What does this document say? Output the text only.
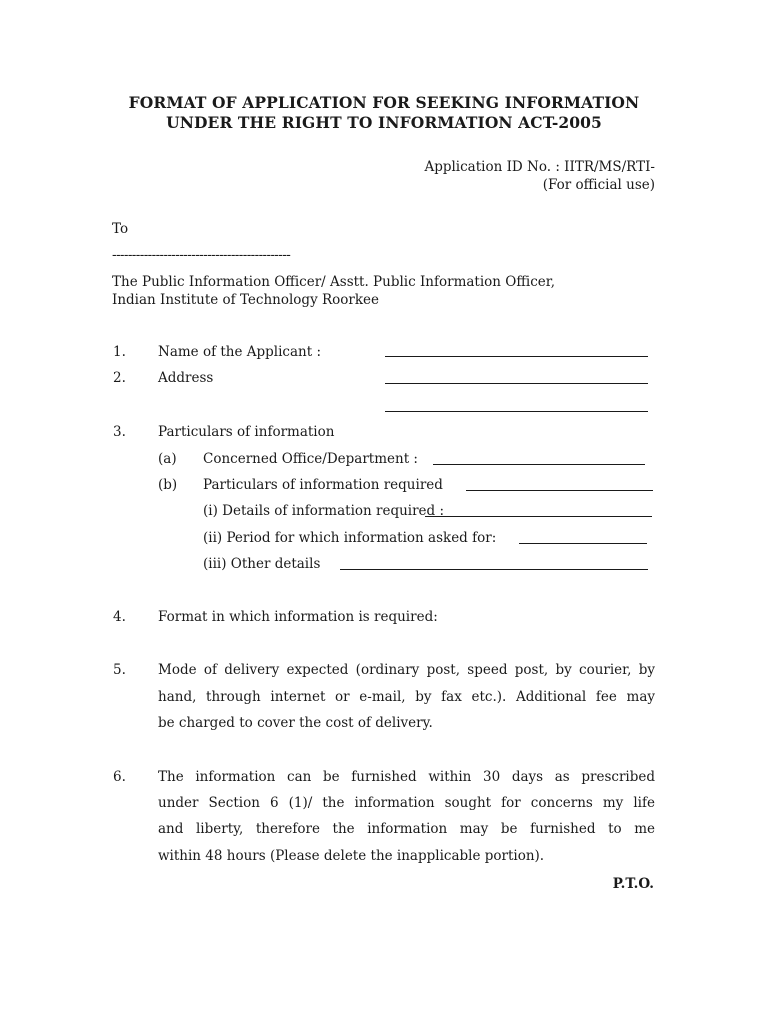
FORMAT OF APPLICATION FOR SEEKING INFORMATION
UNDER THE RIGHT TO INFORMATION ACT-2005
Application ID No. : IITR/MS/RTI-
(For official use)
To
---------------------------------------------
The Public Information Officer/ Asstt. Public Information Officer,
Indian Institute of Technology Roorkee
1. Name of the Applicant :
2. Address
3. Particulars of information
(a) Concerned Office/Department :
(b) Particulars of information required
(i) Details of information required :
(ii) Period for which information asked for:
(iii) Other details
4. Format in which information is required:
5. Mode of delivery expected (ordinary post, speed post, by courier, by
hand, through internet or e-mail, by fax etc.). Additional fee may
be charged to cover the cost of delivery.
6. The information can be furnished within 30 days as prescribed
under Section 6 (1)/ the information sought for concerns my life
and liberty, therefore the information may be furnished to me
within 48 hours (Please delete the inapplicable portion).
P.T.O.
